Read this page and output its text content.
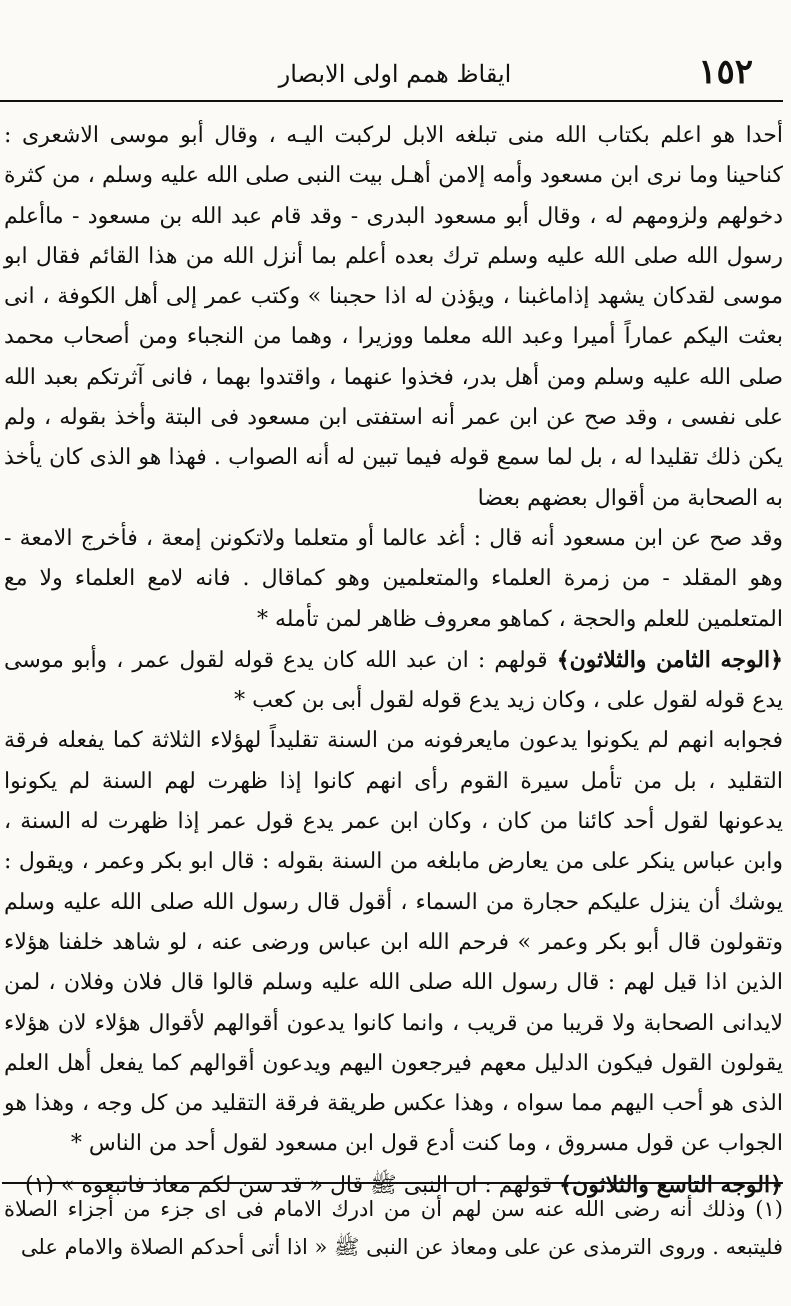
١٥٢
ايقاظ همم اولى الابصار

أحدا هو اعلم بكتاب الله منى تبلغه الابل لركبت اليـه ، وقال أبو موسى الاشعرى : كناحينا وما نرى ابن مسعود وأمه إلامن أهـل بيت النبى صلى الله عليه وسلم ، من كثرة دخولهم ولزومهم له ، وقال أبو مسعود البدرى - وقد قام عبد الله بن مسعود - ماأعلم رسول الله صلى الله عليه وسلم ترك بعده أعلم بما أنزل الله من هذا القائم فقال ابو موسى لقدكان يشهد إذاماغبنا ، ويؤذن له اذا حجبنا » وكتب عمر إلى أهل الكوفة ، انى بعثت اليكم عماراً أميرا وعبد الله معلما ووزيرا ، وهما من النجباء ومن أصحاب محمد صلى الله عليه وسلم ومن أهل بدر، فخذوا عنهما ، واقتدوا بهما ، فانى آثرتكم بعبد الله على نفسى ، وقد صح عن ابن عمر أنه استفتى ابن مسعود فى البتة وأخذ بقوله ، ولم يكن ذلك تقليدا له ، بل لما سمع قوله فيما تبين له أنه الصواب . فهذا هو الذى كان يأخذ به الصحابة من أقوال بعضهم بعضا

وقد صح عن ابن مسعود أنه قال : أغد عالما أو متعلما ولاتكونن إمعة ، فأخرج الامعة - وهو المقلد - من زمرة العلماء والمتعلمين وهو كماقال . فانه لامع العلماء ولا مع المتعلمين للعلم والحجة ، كماهو معروف ظاهر لمن تأمله *

﴿الوجه الثامن والثلاثون﴾ قولهم : ان عبد الله كان يدع قوله لقول عمر ، وأبو موسى يدع قوله لقول على ، وكان زيد يدع قوله لقول أبى بن كعب *

فجوابه انهم لم يكونوا يدعون مايعرفونه من السنة تقليداً لهؤلاء الثلاثة كما يفعله فرقة التقليد ، بل من تأمل سيرة القوم رأى انهم كانوا إذا ظهرت لهم السنة لم يكونوا يدعونها لقول أحد كائنا من كان ، وكان ابن عمر يدع قول عمر إذا ظهرت له السنة ، وابن عباس ينكر على من يعارض مابلغه من السنة بقوله : قال ابو بكر وعمر ، ويقول : يوشك أن ينزل عليكم حجارة من السماء ، أقول قال رسول الله صلى الله عليه وسلم وتقولون قال أبو بكر وعمر » فرحم الله ابن عباس ورضى عنه ، لو شاهد خلفنا هؤلاء الذين اذا قيل لهم : قال رسول الله صلى الله عليه وسلم قالوا قال فلان وفلان ، لمن لايدانى الصحابة ولا قريبا من قريب ، وانما كانوا يدعون أقوالهم لأقوال هؤلاء لان هؤلاء يقولون القول فيكون الدليل معهم فيرجعون اليهم ويدعون أقوالهم كما يفعل أهل العلم الذى هو أحب اليهم مما سواه ، وهذا عكس طريقة فرقة التقليد من كل وجه ، وهذا هو الجواب عن قول مسروق ، وما كنت أدع قول ابن مسعود لقول أحد من الناس *

﴿الوجه التاسع والثلاثون﴾ قولهم : ان النبى ﷺ قال « قد سن لكم معاذ فاتبعوه » (١)

(١) وذلك أنه رضى الله عنه سن لهم أن من ادرك الامام فى اى جزء من أجزاء الصلاة فليتبعه . وروى الترمذى عن على ومعاذ عن النبى ﷺ « اذا أتى أحدكم الصلاة والامام على
